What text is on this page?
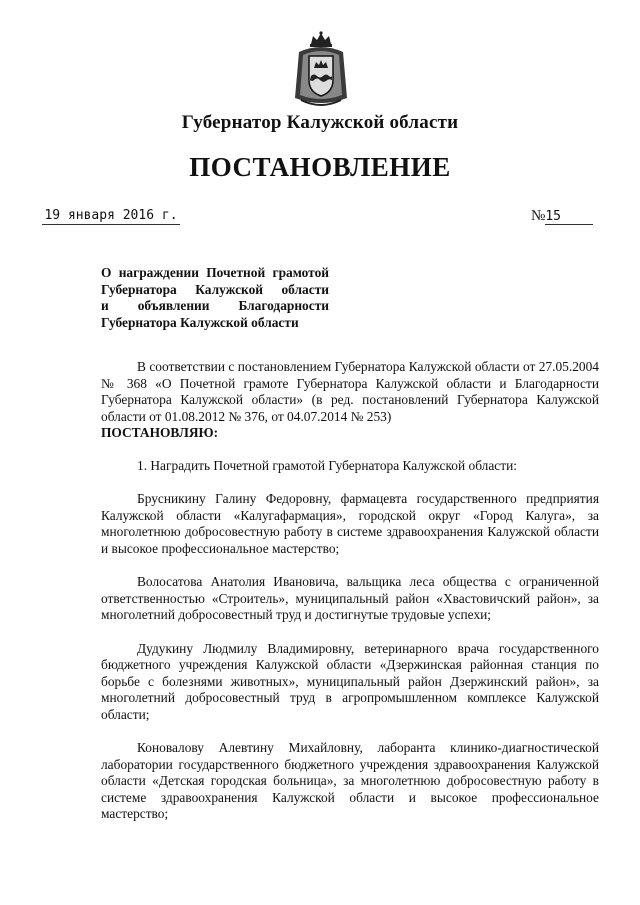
Губернатор Калужской области
ПОСТАНОВЛЕНИЕ
19 января 2016 г.	№15
О награждении Почетной грамотой
Губернатора Калужской области
и объявлении Благодарности
Губернатора Калужской области

В соответствии с постановлением Губернатора Калужской области от 27.05.2004 № 368 «О Почетной грамоте Губернатора Калужской области и Благодарности Губернатора Калужской области» (в ред. постановлений Губернатора Калужской области от 01.08.2012 № 376, от 04.07.2014 № 253)
ПОСТАНОВЛЯЮ:

1. Наградить Почетной грамотой Губернатора Калужской области:

Брусникину Галину Федоровну, фармацевта государственного предприятия Калужской области «Калугафармация», городской округ «Город Калуга», за многолетнюю добросовестную работу в системе здравоохранения Калужской области и высокое профессиональное мастерство;

Волосатова Анатолия Ивановича, вальщика леса общества с ограниченной ответственностью «Строитель», муниципальный район «Хвастовичский район», за многолетний добросовестный труд и достигнутые трудовые успехи;

Дудукину Людмилу Владимировну, ветеринарного врача государственного бюджетного учреждения Калужской области «Дзержинская районная станция по борьбе с болезнями животных», муниципальный район Дзержинский район», за многолетний добросовестный труд в агропромышленном комплексе Калужской области;

Коновалову Алевтину Михайловну, лаборанта клинико-диагностической лаборатории государственного бюджетного учреждения здравоохранения Калужской области «Детская городская больница», за многолетнюю добросовестную работу в системе здравоохранения Калужской области и высокое профессиональное мастерство;
